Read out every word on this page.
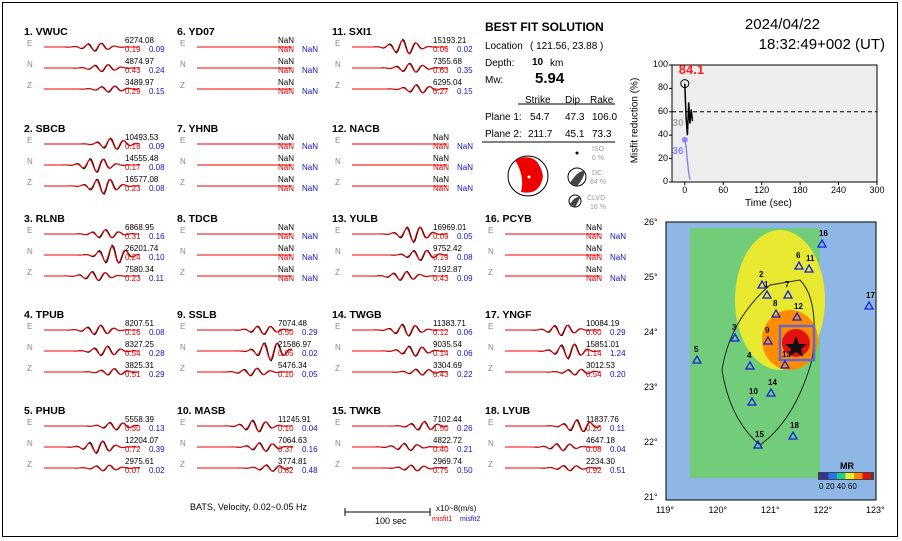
1. VWUC
E	6274.08
0.19 0.09
N	4874.97
0.43 0.24
Z	3489.97
0.29 0.15
2. SBCB
E	10493.53
0.18 0.09
N	14555.48
0.17 0.08
Z	16577.08
0.23 0.08
3. RLNB
E	6868.95
0.31 0.16
N	26201.74
0.24 0.10
Z	7580.34
0.23 0.11
4. TPUB
E	8207.51
0.16 0.08
N	8327.25
0.54 0.28
Z	3825.31
0.51 0.29
5. PHUB
E	5558.39
0.30 0.13
N	12204.07
0.72 0.39
Z	2975.61
0.07 0.02
6. YD07
E	NaN
NaN NaN
N	NaN
NaN NaN
Z	NaN
NaN NaN
7. YHNB
E	NaN
NaN NaN
N	NaN
NaN NaN
Z	NaN
NaN NaN
8. TDCB
E	NaN
NaN NaN
N	NaN
NaN NaN
Z	NaN
NaN NaN
9. SSLB
E	7074.48
0.50 0.29
N	21586.97
0.05 0.02
Z	5476.34
0.10 0.05
10. MASB
E	11245.91
0.10 0.04
N	7064.63
0.37 0.16
Z	3774.81
0.82 0.48
11. SXI1
E	15193.21
0.06 0.02
N	7355.68
0.63 0.35
Z	6295.04
0.27 0.15
12. NACB
E	NaN
NaN NaN
N	NaN
NaN NaN
Z	NaN
NaN NaN
13. YULB
E	16969.01
0.09 0.05
N	9752.42
0.19 0.08
Z	7192.87
0.43 0.09
14. TWGB
E	11383.71
0.12 0.06
N	9035.54
0.14 0.06
Z	3304.69
0.43 0.22
15. TWKB
E	7102.44
1.50 0.26
N	4822.72
0.40 0.21
Z	2969.74
0.75 0.50
16. PCYB
E	NaN
NaN NaN
N	NaN
NaN NaN
Z	NaN
NaN NaN
17. YNGF
E	10084.19
0.60 0.29
N	15851.01
1.14 1.24
Z	3012.53
0.54 0.20
18. LYUB
E	11837.76
0.20 0.11
N	4647.18
0.08 0.04
Z	2234.30
0.92 0.51
0
20
40
60
80
100
0	60	120	180	240	300
84.1
30
36
1
2
3
4
5
6
7
8
9
10
11
12
13
14
15
16
17
18
21°
22°
23°
24°
25°
26°
119°	120°	121°	122°	123°
MR
0 20 40 60
BEST FIT SOLUTION
Location ( 121.56, 23.88 )
Depth: 10 km
Mw: 5.94
Strike Dip Rake
Plane 1: 54.7 47.3 106.0
Plane 2: 211.7 45.1 73.3
ISO
0 %
DC
84 %
CLVD
16 %
2024/04/22
18:32:49+002 (UT)
BATS, Velocity, 0.02~0.05 Hz
100 sec
x10~8(m/s)
misfit1 misfit2
Time (sec)
Misfit reduction (%)
